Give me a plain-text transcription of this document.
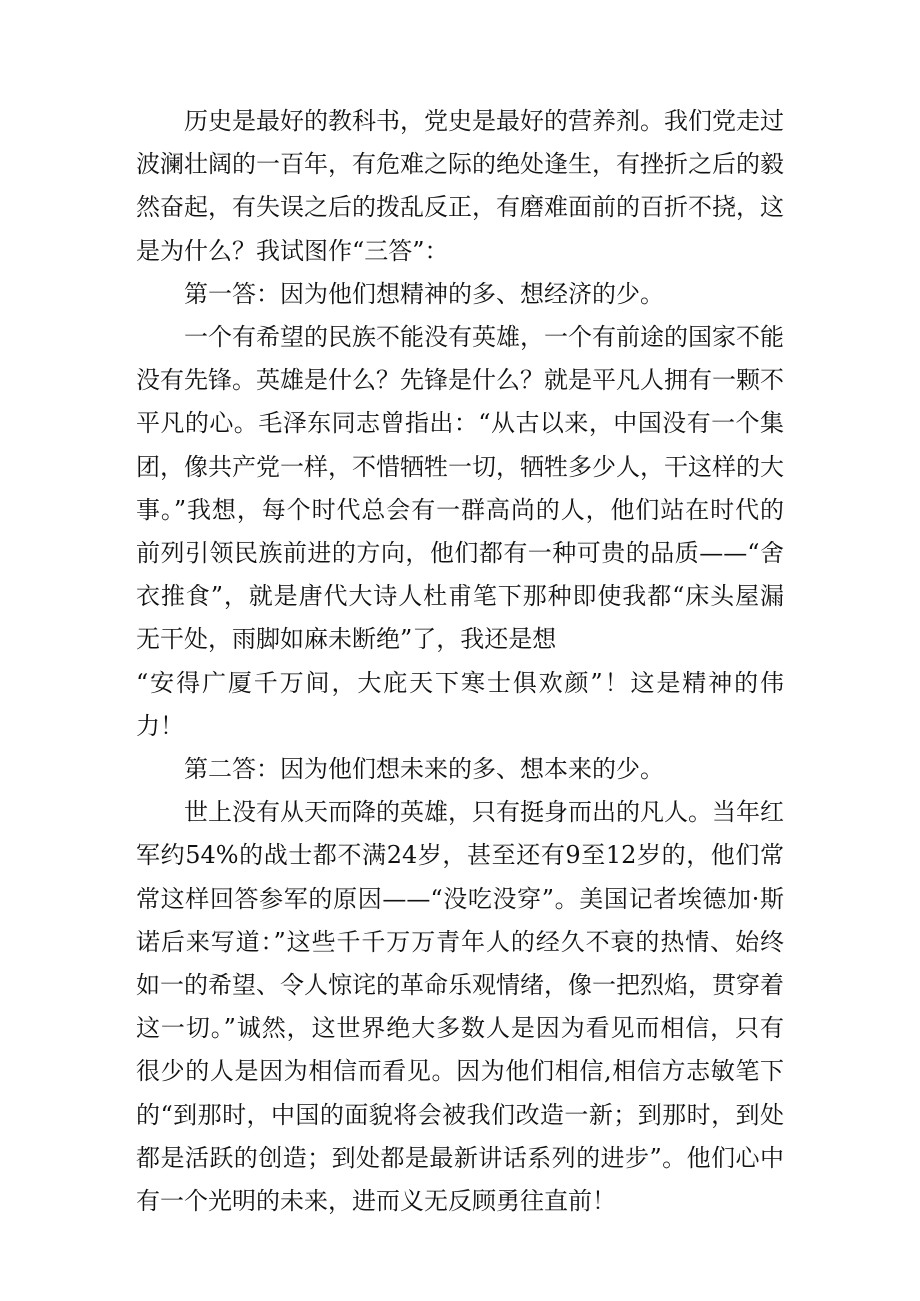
历史是最好的教科书，党史是最好的营养剂。我们党走过波澜壮阔的一百年，有危难之际的绝处逢生，有挫折之后的毅然奋起，有失误之后的拨乱反正，有磨难面前的百折不挠，这是为什么？我试图作“三答”：

第一答：因为他们想精神的多、想经济的少。

一个有希望的民族不能没有英雄，一个有前途的国家不能没有先锋。英雄是什么？先锋是什么？就是平凡人拥有一颗不平凡的心。毛泽东同志曾指出：“从古以来，中国没有一个集团，像共产党一样，不惜牺牲一切，牺牲多少人，干这样的大事。”我想，每个时代总会有一群高尚的人，他们站在时代的前列引领民族前进的方向，他们都有一种可贵的品质——“舍衣推食”，就是唐代大诗人杜甫笔下那种即使我都“床头屋漏无干处，雨脚如麻未断绝”了，我还是想

“安得广厦千万间，大庇天下寒士俱欢颜”！这是精神的伟力！

第二答：因为他们想未来的多、想本来的少。

世上没有从天而降的英雄，只有挺身而出的凡人。当年红军约54%的战士都不满24岁，甚至还有9至12岁的，他们常常这样回答参军的原因——“没吃没穿”。美国记者埃德加·斯诺后来写道：”这些千千万万青年人的经久不衰的热情、始终如一的希望、令人惊诧的革命乐观情绪，像一把烈焰，贯穿着这一切。”诚然，这世界绝大多数人是因为看见而相信，只有很少的人是因为相信而看见。因为他们相信,相信方志敏笔下的“到那时，中国的面貌将会被我们改造一新；到那时，到处都是活跃的创造；到处都是最新讲话系列的进步”。他们心中有一个光明的未来，进而义无反顾勇往直前！
